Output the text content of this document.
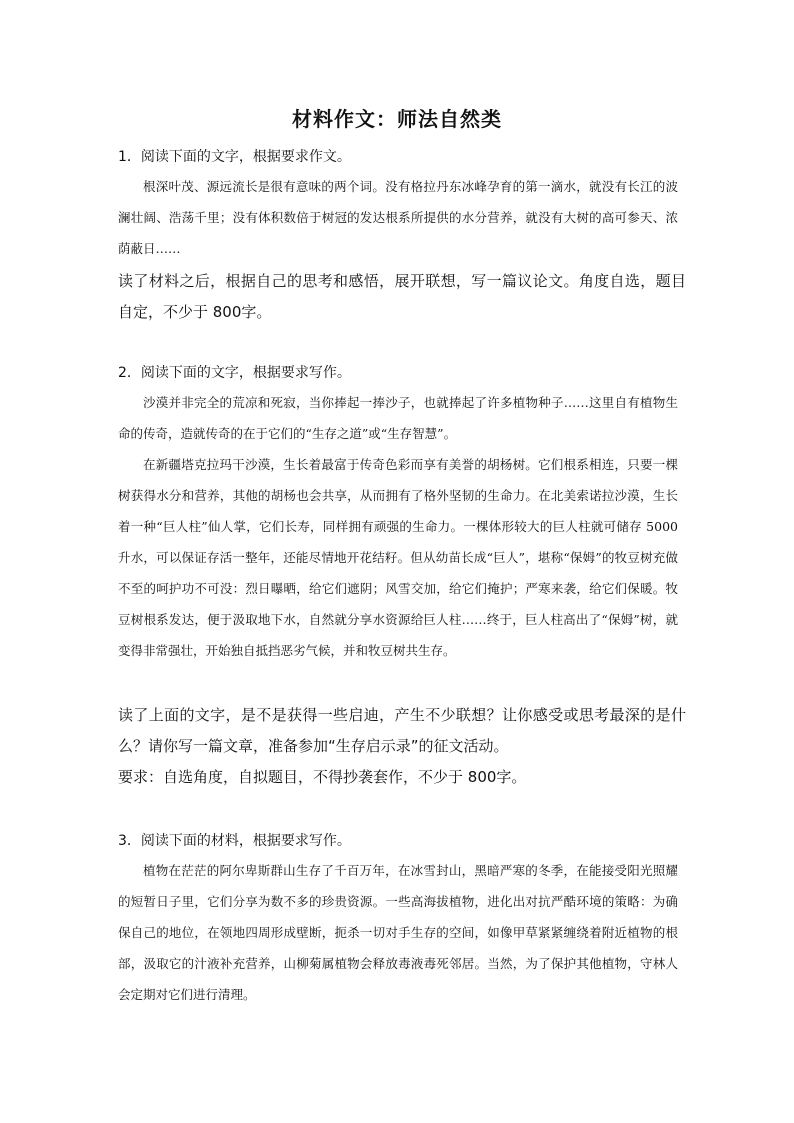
材料作文：师法自然类
1．阅读下面的文字，根据要求作文。

根深叶茂、源远流长是很有意味的两个词。没有格拉丹东冰峰孕育的第一滴水，就没有长江的波澜壮阔、浩荡千里；没有体积数倍于树冠的发达根系所提供的水分营养，就没有大树的高可参天、浓荫蔽日……

读了材料之后，根据自己的思考和感悟，展开联想，写一篇议论文。角度自选，题目自定，不少于 800字。

2．阅读下面的文字，根据要求写作。

沙漠并非完全的荒凉和死寂，当你捧起一捧沙子，也就捧起了许多植物种子……这里自有植物生命的传奇，造就传奇的在于它们的“生存之道”或“生存智慧”。

在新疆塔克拉玛干沙漠，生长着最富于传奇色彩而享有美誉的胡杨树。它们根系相连，只要一棵树获得水分和营养，其他的胡杨也会共享，从而拥有了格外坚韧的生命力。在北美索诺拉沙漠，生长着一种“巨人柱”仙人掌，它们长寿，同样拥有顽强的生命力。一棵体形较大的巨人柱就可储存 5000 升水，可以保证存活一整年，还能尽情地开花结籽。但从幼苗长成“巨人”，堪称“保姆”的牧豆树充做不至的呵护功不可没：烈日曝晒，给它们遮阴；风雪交加，给它们掩护；严寒来袭，给它们保暖。牧豆树根系发达，便于汲取地下水，自然就分享水资源给巨人柱……终于，巨人柱高出了“保姆”树，就变得非常强壮，开始独自抵挡恶劣气候，并和牧豆树共生存。

读了上面的文字，是不是获得一些启迪，产生不少联想？让你感受或思考最深的是什么？请你写一篇文章，准备参加“生存启示录”的征文活动。

要求：自选角度，自拟题目，不得抄袭套作，不少于 800字。

3．阅读下面的材料，根据要求写作。

植物在茫茫的阿尔卑斯群山生存了千百万年，在冰雪封山，黑暗严寒的冬季，在能接受阳光照耀的短暂日子里，它们分享为数不多的珍贵资源。一些高海拔植物，进化出对抗严酷环境的策略：为确保自己的地位，在领地四周形成壁断，扼杀一切对手生存的空间，如像甲草紧紧缠绕着附近植物的根部，汲取它的汁液补充营养，山柳菊属植物会释放毒液毒死邻居。当然，为了保护其他植物，守林人会定期对它们进行清理。
